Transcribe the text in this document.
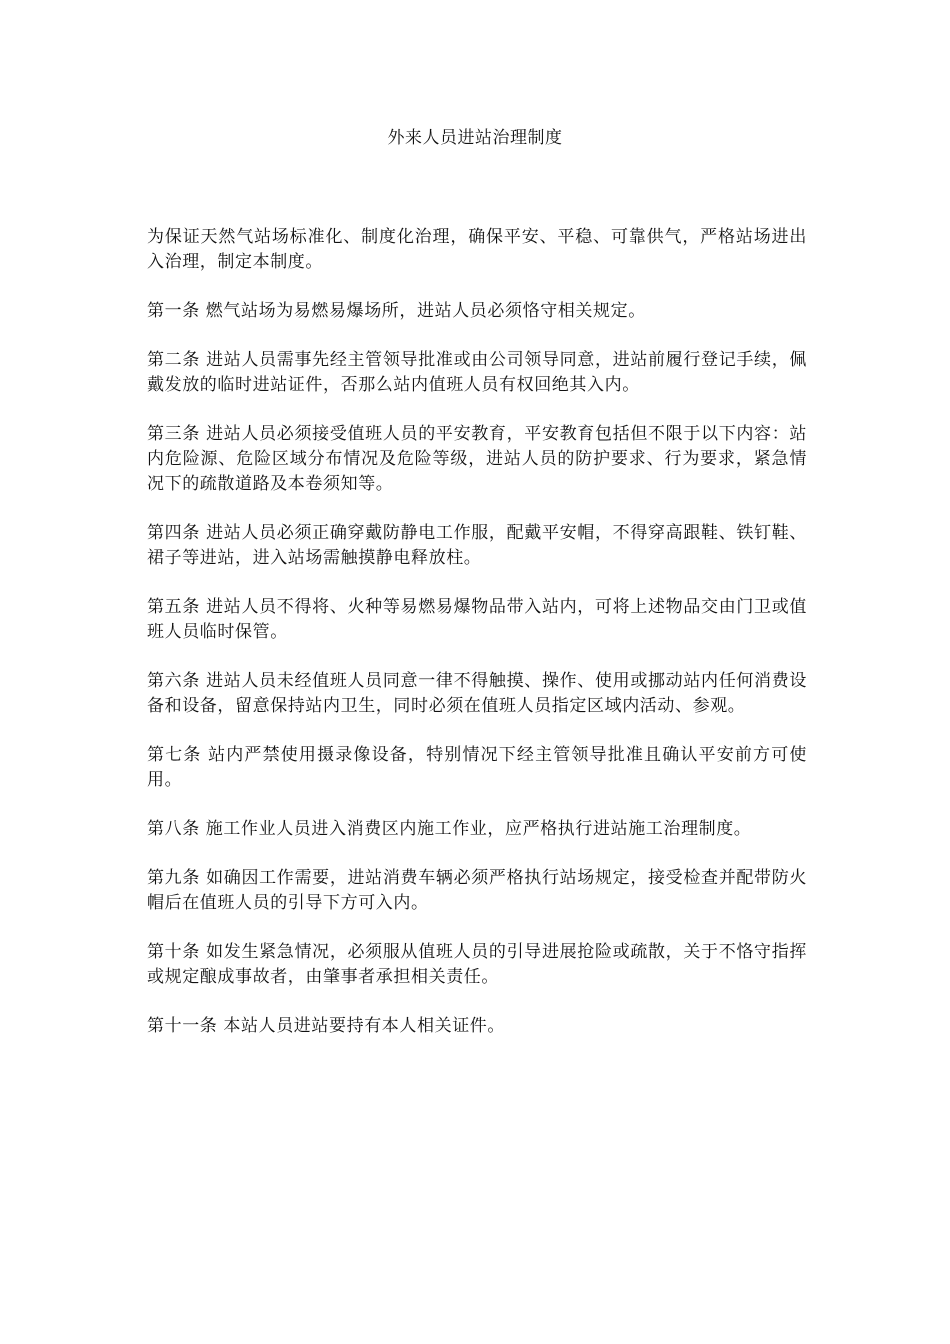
外来人员进站治理制度

为保证天然气站场标准化、制度化治理，确保平安、平稳、可靠供气，严格站场进出入治理，制定本制度。

第一条 燃气站场为易燃易爆场所，进站人员必须恪守相关规定。

第二条 进站人员需事先经主管领导批准或由公司领导同意，进站前履行登记手续，佩戴发放的临时进站证件，否那么站内值班人员有权回绝其入内。

第三条 进站人员必须接受值班人员的平安教育，平安教育包括但不限于以下内容：站内危险源、危险区域分布情况及危险等级，进站人员的防护要求、行为要求，紧急情况下的疏散道路及本卷须知等。

第四条 进站人员必须正确穿戴防静电工作服，配戴平安帽，不得穿高跟鞋、铁钉鞋、裙子等进站，进入站场需触摸静电释放柱。

第五条 进站人员不得将、火种等易燃易爆物品带入站内，可将上述物品交由门卫或值班人员临时保管。

第六条 进站人员未经值班人员同意一律不得触摸、操作、使用或挪动站内任何消费设备和设备，留意保持站内卫生，同时必须在值班人员指定区域内活动、参观。

第七条 站内严禁使用摄录像设备，特别情况下经主管领导批准且确认平安前方可使用。

第八条 施工作业人员进入消费区内施工作业，应严格执行进站施工治理制度。

第九条 如确因工作需要，进站消费车辆必须严格执行站场规定，接受检查并配带防火帽后在值班人员的引导下方可入内。

第十条 如发生紧急情况，必须服从值班人员的引导进展抢险或疏散，关于不恪守指挥或规定酿成事故者，由肇事者承担相关责任。

第十一条 本站人员进站要持有本人相关证件。
